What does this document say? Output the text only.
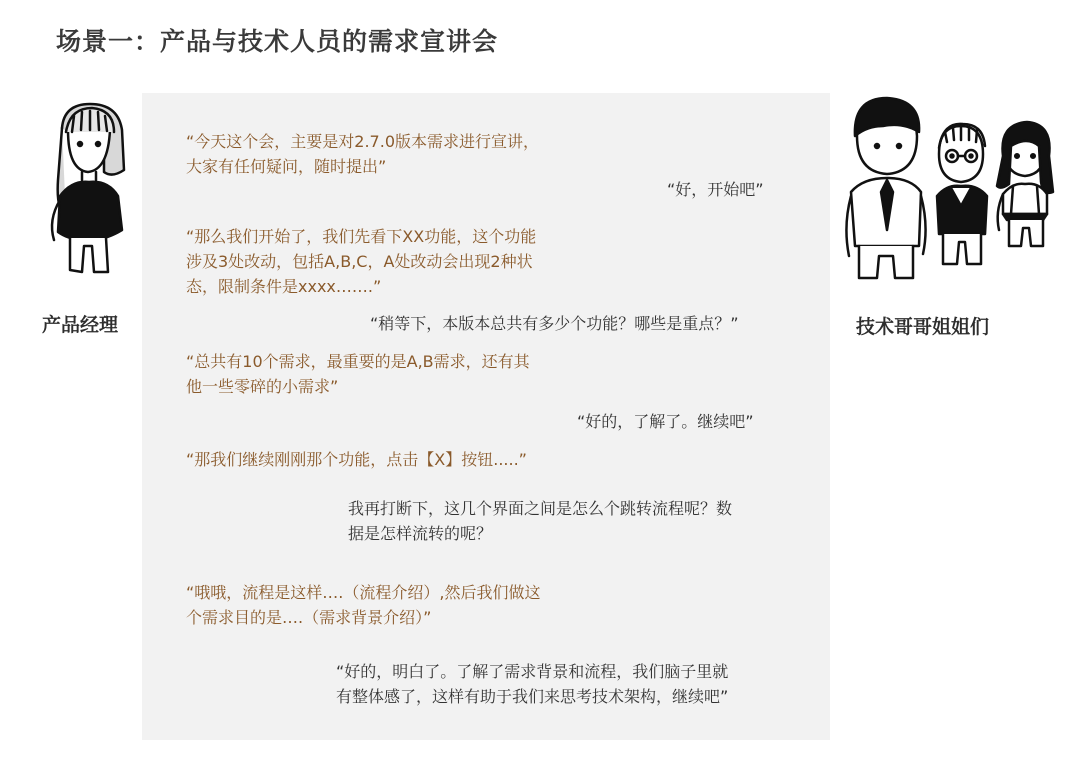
场景一：产品与技术人员的需求宣讲会
产品经理	技术哥哥姐姐们
“今天这个会，主要是对2.7.0版本需求进行宣讲，
大家有任何疑问，随时提出”
“好，开始吧”
“那么我们开始了，我们先看下XX功能，这个功能
涉及3处改动，包括A,B,C，A处改动会出现2种状
态，限制条件是xxxx…….”
“稍等下，本版本总共有多少个功能？哪些是重点？”
“总共有10个需求，最重要的是A,B需求，还有其
他一些零碎的小需求”
“好的，了解了。继续吧”
“那我们继续刚刚那个功能，点击【X】按钮.....”
我再打断下，这几个界面之间是怎么个跳转流程呢？数
据是怎样流转的呢？
“哦哦，流程是这样….（流程介绍）,然后我们做这
个需求目的是….（需求背景介绍）”
“好的，明白了。了解了需求背景和流程，我们脑子里就
有整体感了，这样有助于我们来思考技术架构，继续吧”
